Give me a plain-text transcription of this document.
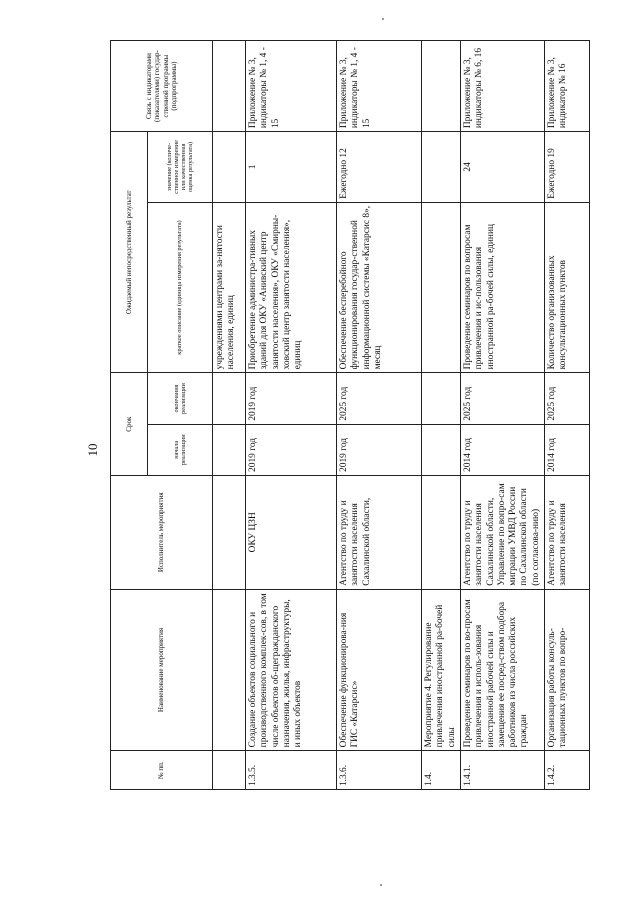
10
№ пп.	Наименование мероприятия	Исполнитель мероприятия	Срок		Ожидаемый непосредственный результат		Связь с индикаторами (показателями) государ-ственной программы (подпрограммы)
			начала реализации	окончания реализации	краткое описание (единица измерения результата)	значение (количе-ственное измерение или качественная оценка результата)	
					учреждениями центрами за-нятости населения, единиц		
1.3.5.	Создание объектов социального и производственного комплек-сов, в том числе объектов об-щегражданского назначения, жилья, инфраструктуры, и иных объектов	ОКУ ЦЗН	2019 год	2019 год	Приобретение администра-тивных зданий для ОКУ «Анивский центр занятости населения», ОКУ «Смирны-ховский центр занятости населения», единиц	1	Приложение № 3, индикаторы № 1, 4 - 15
1.3.6.	Обеспечение функционирова-ния ГИС «Катарсис»	Агентство по труду и занятости населения Сахалинской области,	2019 год	2025 год	Обеспечение бесперебойного функционирования государ-ственной информационной системы «Катарсис 8», месяц	Ежегодно 12	Приложение № 3, индикаторы № 1, 4 - 15
1.4.	Мероприятие 4. Регулирование привлечения иностранной ра-бочей силы						
1.4.1.	Проведение семинаров по во-просам привлечения и исполь-зования иностранной рабочей силы и замещения ее посред-ством подбора работников из числа российских граждан	Агентство по труду и занятости населения Сахалинской области, Управление по вопро-сам миграции УМВД России по Сахалинской области (по согласова-нию)	2014 год	2025 год	Проведение семинаров по вопросам привлечения и ис-пользования иностранной ра-бочей силы, единиц	24	Приложение № 3, индикаторы № 6, 16
1.4.2.	Организация работы консуль-тационных пунктов по вопро-	Агентство по труду и занятости населения	2014 год	2025 год	Количество организованных консультационных пунктов	Ежегодно 19	Приложение № 3, индикатор № 16
